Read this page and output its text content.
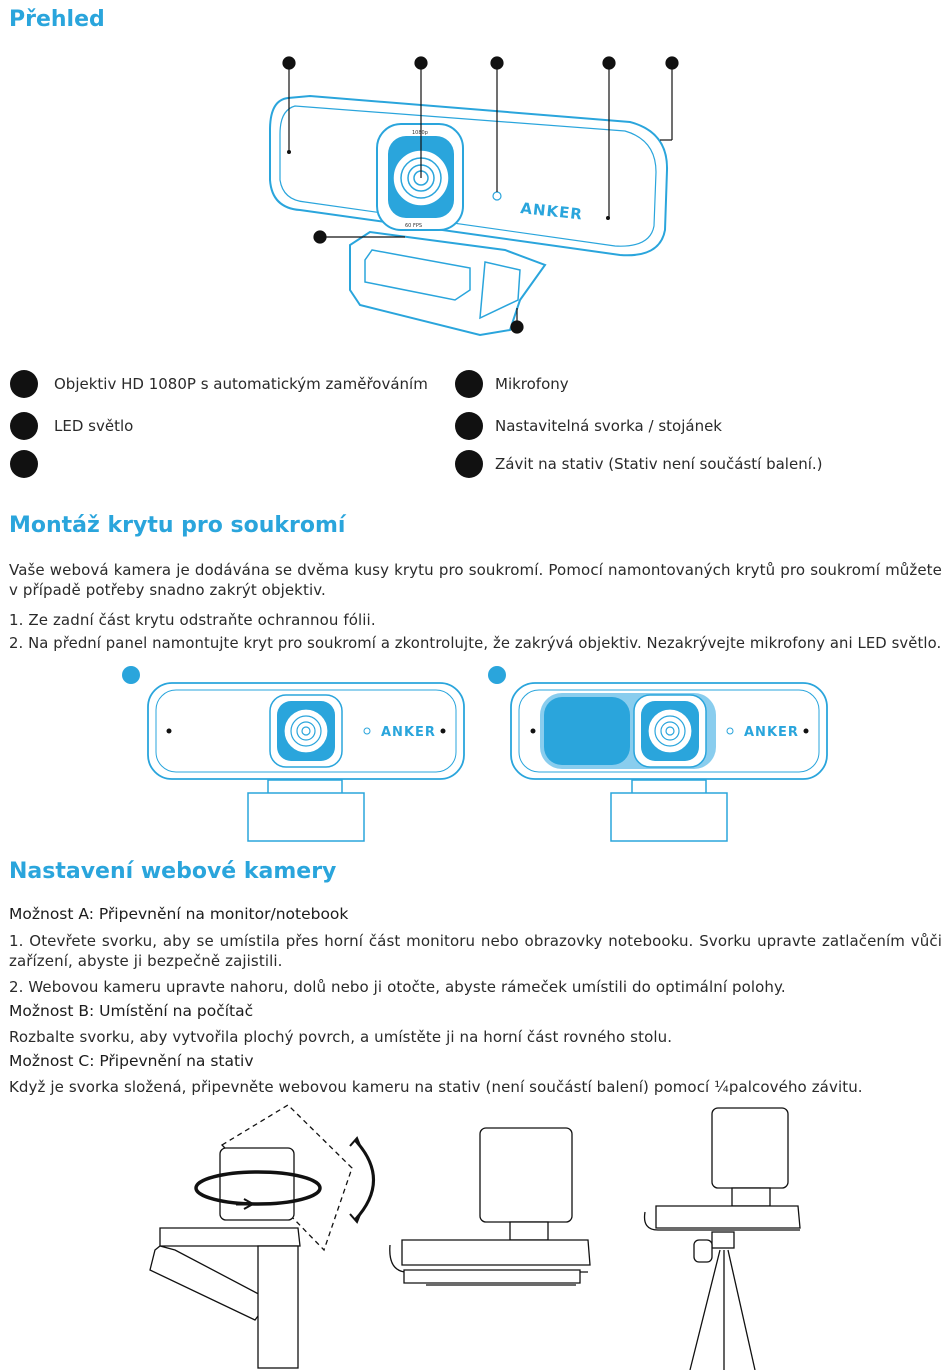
Přehled
1080p
60 FPS
ANKER
Objektiv HD 1080P s automatickým zaměřováním
LED světlo
Mikrofony
Nastavitelná svorka / stojánek
Závit na stativ (Stativ není součástí balení.)
Montáž krytu pro soukromí

Vaše webová kamera je dodávána se dvěma kusy krytu pro soukromí. Pomocí namontovaných krytů pro soukromí můžete v případě potřeby snadno zakrýt objektiv.

1. Ze zadní část krytu odstraňte ochrannou fólii.

2. Na přední panel namontujte kryt pro soukromí a zkontrolujte, že zakrývá objektiv. Nezakrývejte mikrofony ani LED světlo.

ANKER	ANKER
Nastavení webové kamery
Možnost A: Připevnění na monitor/notebook

1. Otevřete svorku, aby se umístila přes horní část monitoru nebo obrazovky notebooku. Svorku upravte zatlačením vůči zařízení, abyste ji bezpečně zajistili.

2. Webovou kameru upravte nahoru, dolů nebo ji otočte, abyste rámeček umístili do optimální polohy.

Možnost B: Umístění na počítač

Rozbalte svorku, aby vytvořila plochý povrch, a umístěte ji na horní část rovného stolu.

Možnost C: Připevnění na stativ

Když je svorka složená, připevněte webovou kameru na stativ (není součástí balení) pomocí ¼palcového závitu.
